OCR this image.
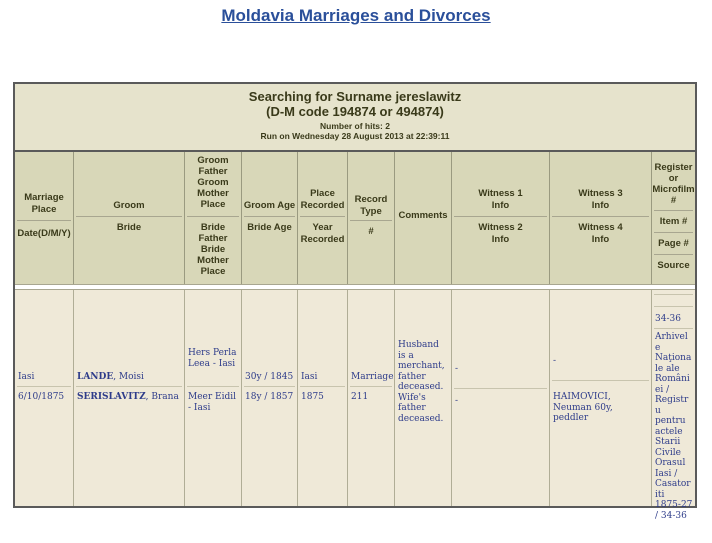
Moldavia Marriages and Divorces
Searching for Surname jereslawitz
(D-M code 194874 or 494874)
Number of hits: 2
Run on Wednesday 28 August 2013 at 22:39:11
Marriage Place
Date(D/M/Y)
Groom
Bride
Groom Father Groom Mother Place
Bride Father Bride Mother Place
Groom Age
Bride Age
Place Recorded
Year Recorded
Record Type
#
Comments
Witness 1 Info
Witness 2 Info
Witness 3 Info
Witness 4 Info
Register or Microfilm #
Item #
Page #
Source
Iasi
6/10/1875
LANDE, Moisi
SERISLAVITZ, Brana
Hers Perla Leea - Iasi
Meer Eidil - Iasi
30y / 1845
18y / 1857
Iasi
1875
Marriage
211
Husband is a merchant, father deceased. Wife's father deceased.
-
-
-
HAIMOVICI, Neuman 60y, peddler
34-36
Arhivele Naţionale ale României / Registru pentru actele Starii Civile Orasul Iasi / Casatoriti 1875-27 / 34-36
